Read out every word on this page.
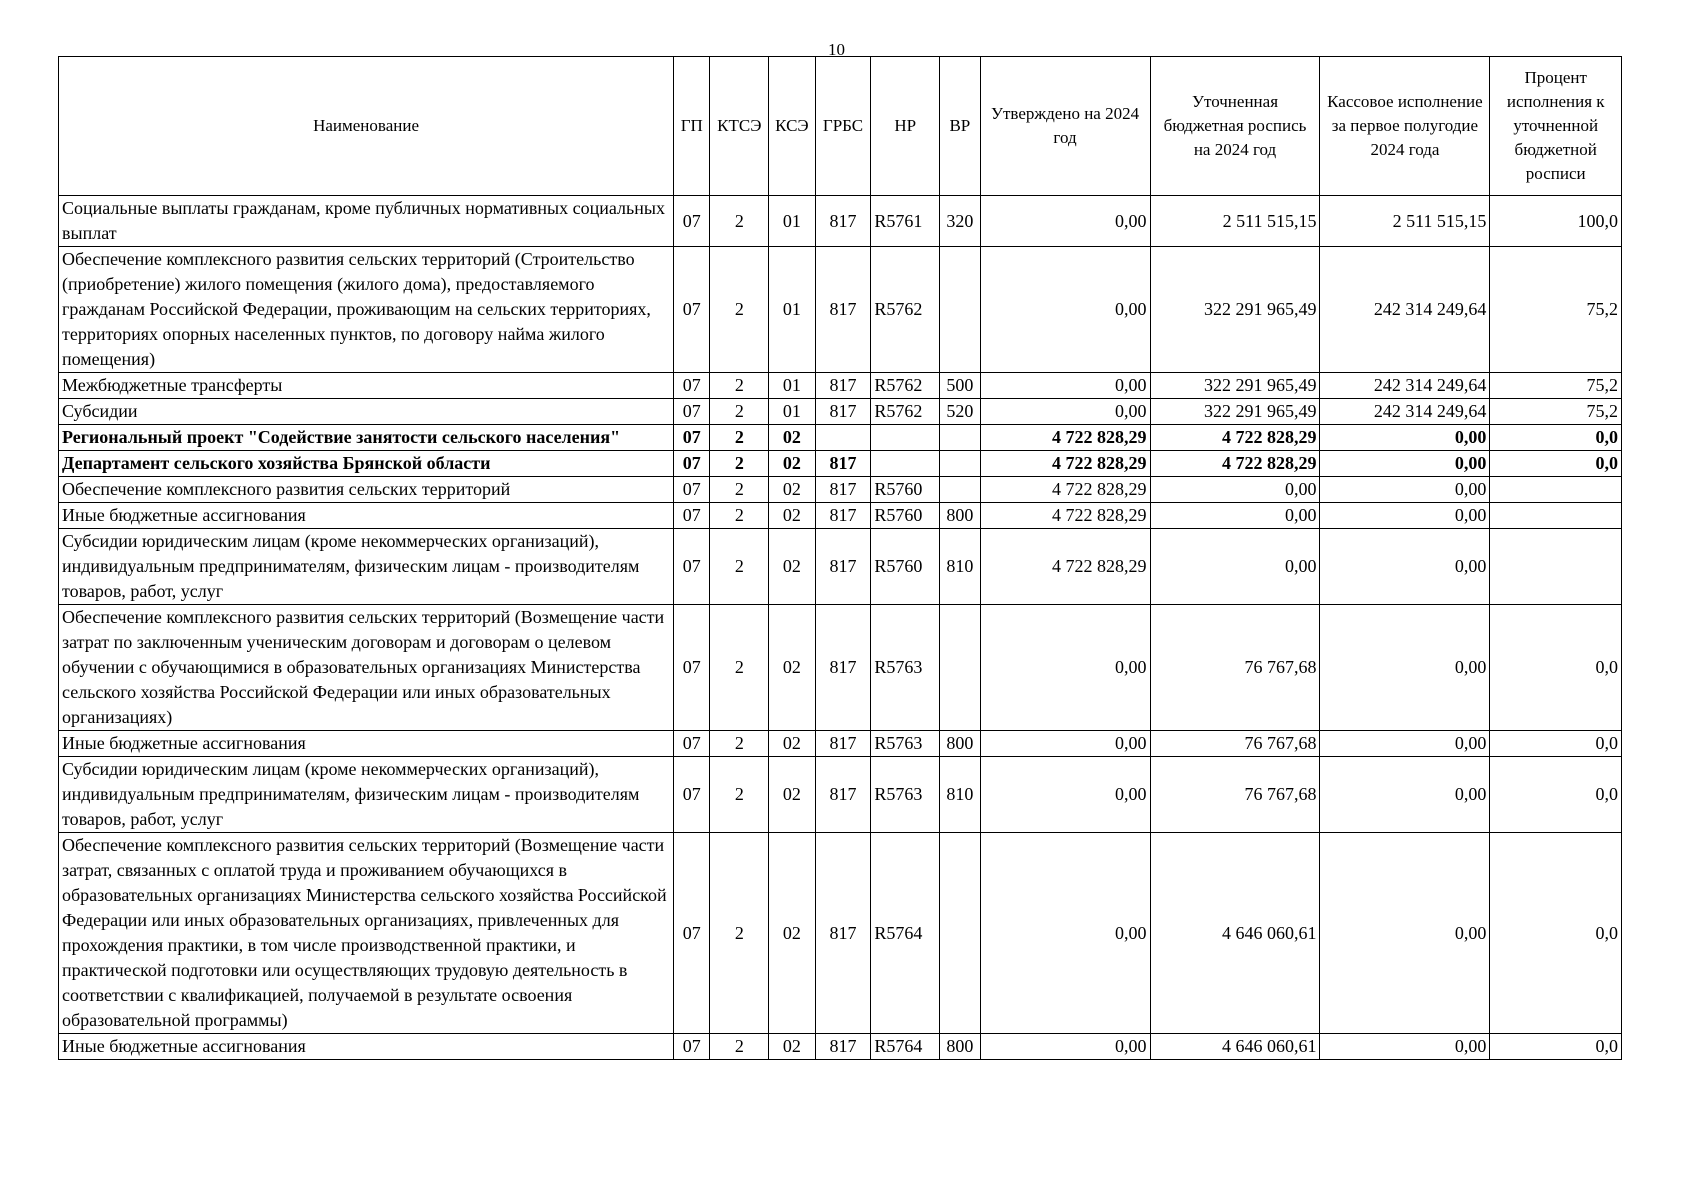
10
Наименование	ГП	КТСЭ	КСЭ	ГРБС	НР	ВР	Утверждено на 2024 год	Уточненная бюджетная роспись на 2024 год	Кассовое исполнение за первое полугодие 2024 года	Процент исполнения к уточненной бюджетной росписи
Социальные выплаты гражданам, кроме публичных нормативных социальных выплат	07	2	01	817	R5761	320	0,00	2 511 515,15	2 511 515,15	100,0
Обеспечение комплексного развития сельских территорий (Строительство (приобретение) жилого помещения (жилого дома), предоставляемого гражданам Российской Федерации, проживающим на сельских территориях, территориях опорных населенных пунктов, по договору найма жилого помещения)	07	2	01	817	R5762		0,00	322 291 965,49	242 314 249,64	75,2
Межбюджетные трансферты	07	2	01	817	R5762	500	0,00	322 291 965,49	242 314 249,64	75,2
Субсидии	07	2	01	817	R5762	520	0,00	322 291 965,49	242 314 249,64	75,2
Региональный проект "Содействие занятости сельского населения"	07	2	02				4 722 828,29	4 722 828,29	0,00	0,0
Департамент сельского хозяйства Брянской области	07	2	02	817			4 722 828,29	4 722 828,29	0,00	0,0
Обеспечение комплексного развития сельских территорий	07	2	02	817	R5760		4 722 828,29	0,00	0,00	
Иные бюджетные ассигнования	07	2	02	817	R5760	800	4 722 828,29	0,00	0,00	
Субсидии юридическим лицам (кроме некоммерческих организаций), индивидуальным предпринимателям, физическим лицам - производителям товаров, работ, услуг	07	2	02	817	R5760	810	4 722 828,29	0,00	0,00	
Обеспечение комплексного развития сельских территорий (Возмещение части затрат по заключенным ученическим договорам и договорам о целевом обучении с обучающимися в образовательных организациях Министерства сельского хозяйства Российской Федерации или иных образовательных организациях)	07	2	02	817	R5763		0,00	76 767,68	0,00	0,0
Иные бюджетные ассигнования	07	2	02	817	R5763	800	0,00	76 767,68	0,00	0,0
Субсидии юридическим лицам (кроме некоммерческих организаций), индивидуальным предпринимателям, физическим лицам - производителям товаров, работ, услуг	07	2	02	817	R5763	810	0,00	76 767,68	0,00	0,0
Обеспечение комплексного развития сельских территорий (Возмещение части затрат, связанных с оплатой труда и проживанием обучающихся в образовательных организациях Министерства сельского хозяйства Российской Федерации или иных образовательных организациях, привлеченных для прохождения практики, в том числе производственной практики, и практической подготовки или осуществляющих трудовую деятельность в соответствии с квалификацией, получаемой в результате освоения образовательной программы)	07	2	02	817	R5764		0,00	4 646 060,61	0,00	0,0
Иные бюджетные ассигнования	07	2	02	817	R5764	800	0,00	4 646 060,61	0,00	0,0
